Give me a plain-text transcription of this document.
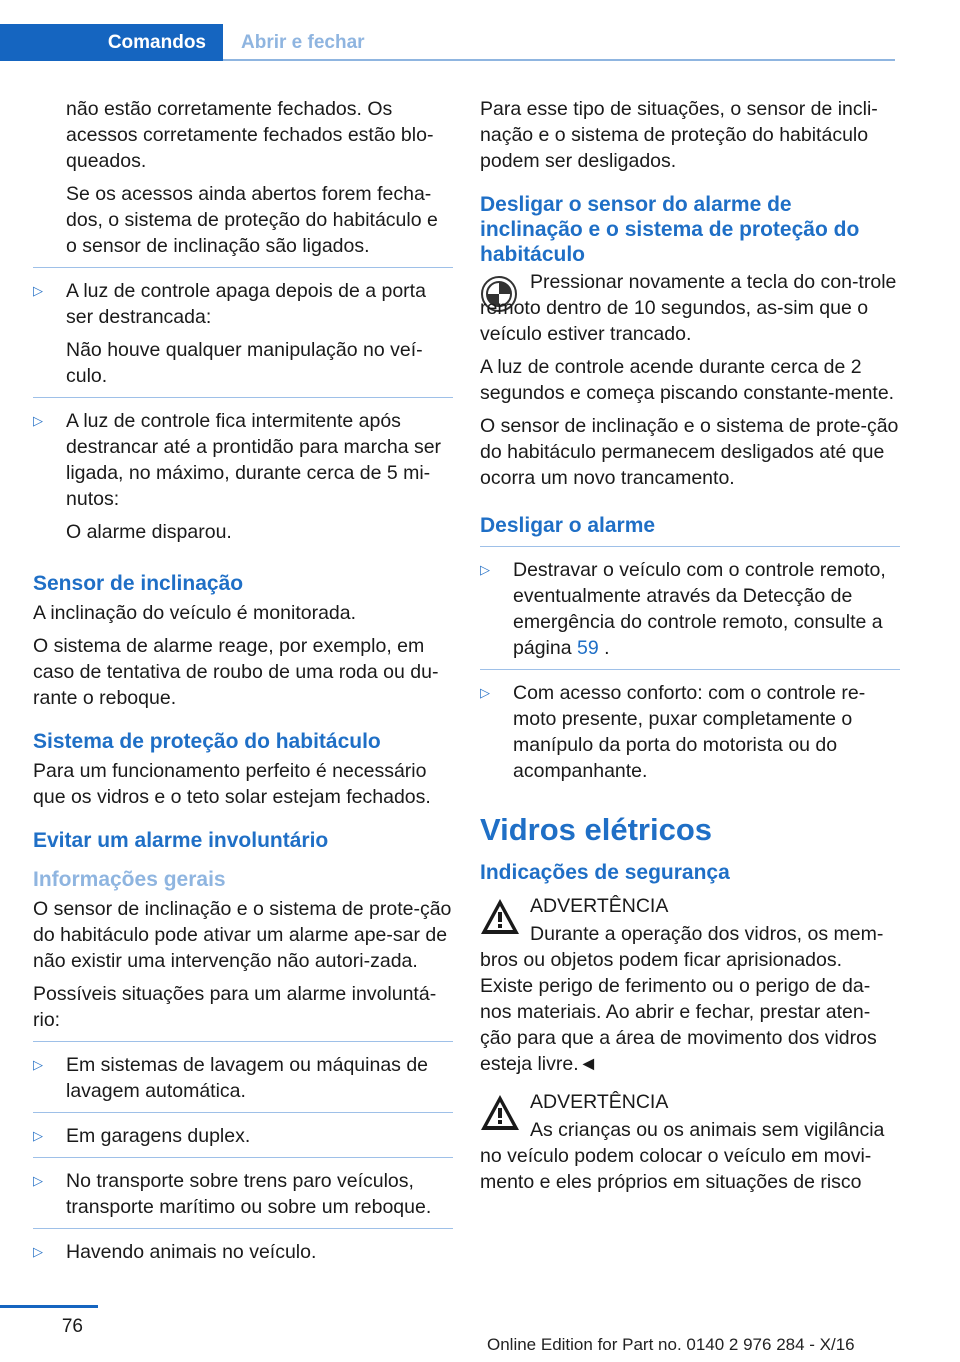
Comandos	Abrir e fechar

não estão corretamente fechados. Os acessos corretamente fechados estão blo-queados.

Se os acessos ainda abertos forem fecha-dos, o sistema de proteção do habitáculo e o sensor de inclinação são ligados.

▷ A luz de controle apaga depois de a porta ser destrancada:

Não houve qualquer manipulação no veí-culo.

▷ A luz de controle fica intermitente após destrancar até a prontidão para marcha ser ligada, no máximo, durante cerca de 5 mi-nutos:

O alarme disparou.

Sensor de inclinação

A inclinação do veículo é monitorada.

O sistema de alarme reage, por exemplo, em caso de tentativa de roubo de uma roda ou du-rante o reboque.

Sistema de proteção do habitáculo

Para um funcionamento perfeito é necessário que os vidros e o teto solar estejam fechados.

Evitar um alarme involuntário
Informações gerais

O sensor de inclinação e o sistema de prote-ção do habitáculo pode ativar um alarme ape-sar de não existir uma intervenção não autori-zada.

Possíveis situações para um alarme involuntá-rio:

▷ Em sistemas de lavagem ou máquinas de lavagem automática.
▷ Em garagens duplex.
▷ No transporte sobre trens paro veículos, transporte marítimo ou sobre um reboque.
▷ Havendo animais no veículo.

Para esse tipo de situações, o sensor de incli-nação e o sistema de proteção do habitáculo podem ser desligados.

Desligar o sensor do alarme de inclinação e o sistema de proteção do habitáculo

Pressionar novamente a tecla do con-trole remoto dentro de 10 segundos, as-sim que o veículo estiver trancado.

A luz de controle acende durante cerca de 2 segundos e começa piscando constante-mente.

O sensor de inclinação e o sistema de prote-ção do habitáculo permanecem desligados até que ocorra um novo trancamento.

Desligar o alarme
▷ Destravar o veículo com o controle remoto, eventualmente através da Detecção de emergência do controle remoto, consulte a página 59 .
▷ Com acesso conforto: com o controle re-moto presente, puxar completamente o manípulo da porta do motorista ou do acompanhante.
Vidros elétricos
Indicações de segurança

ADVERTÊNCIA

Durante a operação dos vidros, os mem-bros ou objetos podem ficar aprisionados. Existe perigo de ferimento ou o perigo de da-nos materiais. Ao abrir e fechar, prestar aten-ção para que a área de movimento dos vidros esteja livre.◄

ADVERTÊNCIA

As crianças ou os animais sem vigilância no veículo podem colocar o veículo em movi-mento e eles próprios em situações de risco

76
Online Edition for Part no. 0140 2 976 284 - X/16
